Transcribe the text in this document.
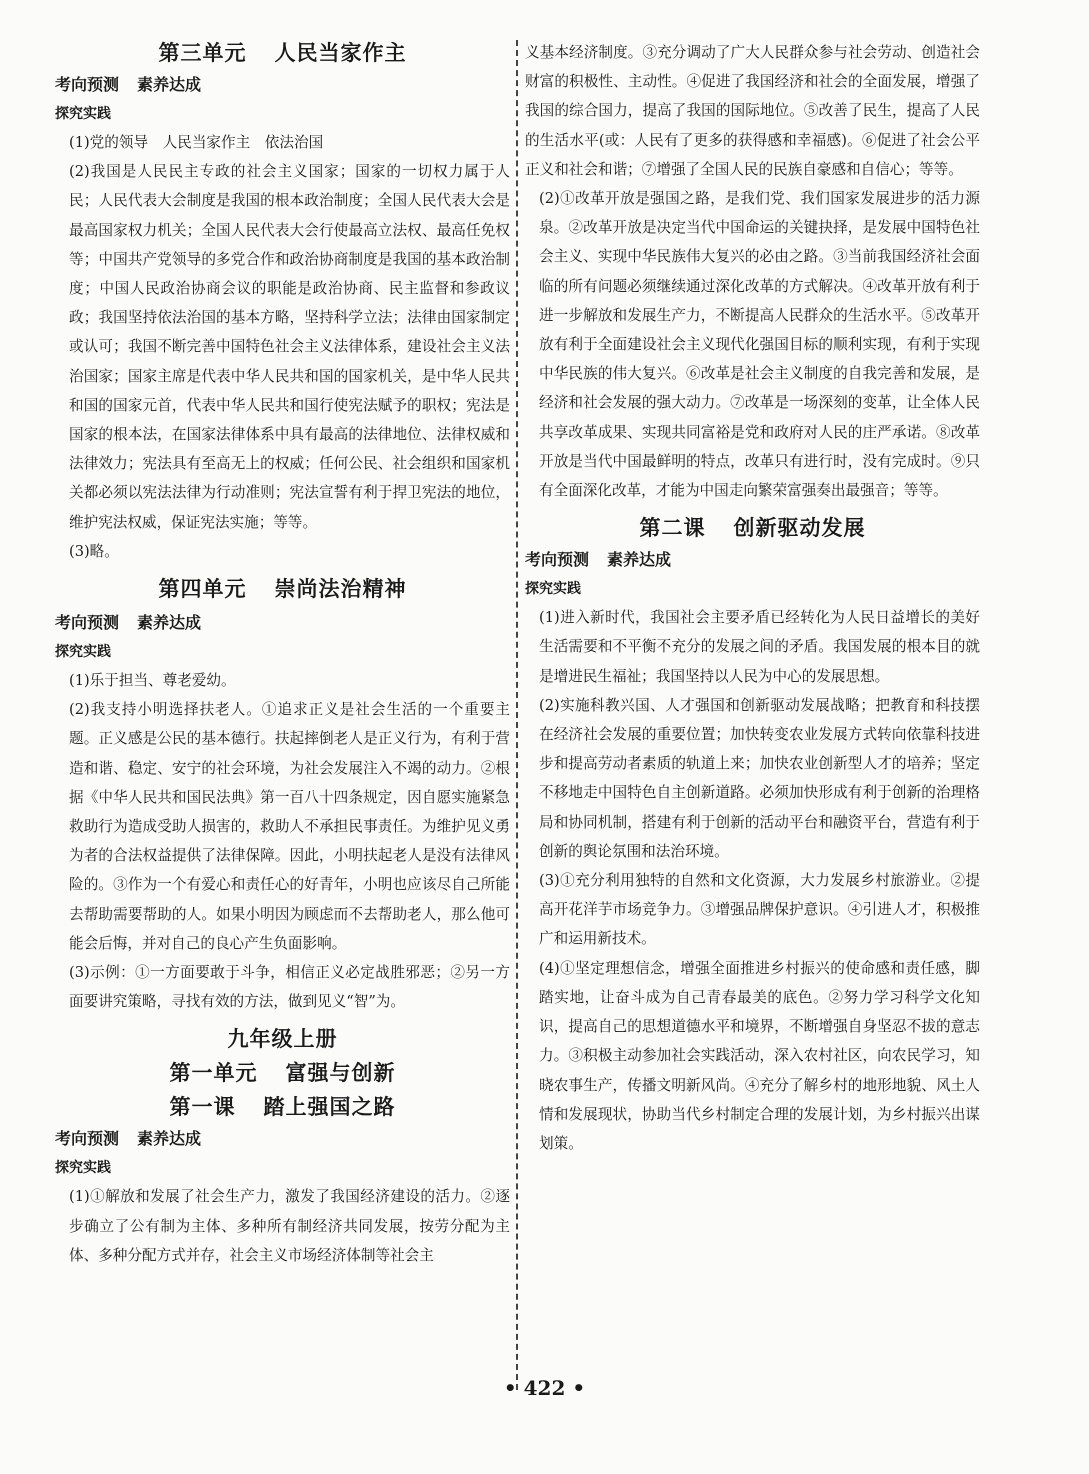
第三单元 人民当家作主
考向预测 素养达成
探究实践

(1)党的领导　人民当家作主　依法治国

(2)我国是人民民主专政的社会主义国家；国家的一切权力属于人民；人民代表大会制度是我国的根本政治制度；全国人民代表大会是最高国家权力机关；全国人民代表大会行使最高立法权、最高任免权等；中国共产党领导的多党合作和政治协商制度是我国的基本政治制度；中国人民政治协商会议的职能是政治协商、民主监督和参政议政；我国坚持依法治国的基本方略，坚持科学立法；法律由国家制定或认可；我国不断完善中国特色社会主义法律体系，建设社会主义法治国家；国家主席是代表中华人民共和国的国家机关，是中华人民共和国的国家元首，代表中华人民共和国行使宪法赋予的职权；宪法是国家的根本法，在国家法律体系中具有最高的法律地位、法律权威和法律效力；宪法具有至高无上的权威；任何公民、社会组织和国家机关都必须以宪法法律为行动准则；宪法宣誓有利于捍卫宪法的地位，维护宪法权威，保证宪法实施；等等。

(3)略。

第四单元 崇尚法治精神
考向预测 素养达成
探究实践

(1)乐于担当、尊老爱幼。

(2)我支持小明选择扶老人。①追求正义是社会生活的一个重要主题。正义感是公民的基本德行。扶起摔倒老人是正义行为，有利于营造和谐、稳定、安宁的社会环境，为社会发展注入不竭的动力。②根据《中华人民共和国民法典》第一百八十四条规定，因自愿实施紧急救助行为造成受助人损害的，救助人不承担民事责任。为维护见义勇为者的合法权益提供了法律保障。因此，小明扶起老人是没有法律风险的。③作为一个有爱心和责任心的好青年，小明也应该尽自己所能去帮助需要帮助的人。如果小明因为顾虑而不去帮助老人，那么他可能会后悔，并对自己的良心产生负面影响。

(3)示例：①一方面要敢于斗争，相信正义必定战胜邪恶；②另一方面要讲究策略，寻找有效的方法，做到见义“智”为。

九年级上册
第一单元 富强与创新
第一课 踏上强国之路
考向预测 素养达成
探究实践

(1)①解放和发展了社会生产力，激发了我国经济建设的活力。②逐步确立了公有制为主体、多种所有制经济共同发展，按劳分配为主体、多种分配方式并存，社会主义市场经济体制等社会主

义基本经济制度。③充分调动了广大人民群众参与社会劳动、创造社会财富的积极性、主动性。④促进了我国经济和社会的全面发展，增强了我国的综合国力，提高了我国的国际地位。⑤改善了民生，提高了人民的生活水平(或：人民有了更多的获得感和幸福感)。⑥促进了社会公平正义和社会和谐；⑦增强了全国人民的民族自豪感和自信心；等等。

(2)①改革开放是强国之路，是我们党、我们国家发展进步的活力源泉。②改革开放是决定当代中国命运的关键抉择，是发展中国特色社会主义、实现中华民族伟大复兴的必由之路。③当前我国经济社会面临的所有问题必须继续通过深化改革的方式解决。④改革开放有利于进一步解放和发展生产力，不断提高人民群众的生活水平。⑤改革开放有利于全面建设社会主义现代化强国目标的顺利实现，有利于实现中华民族的伟大复兴。⑥改革是社会主义制度的自我完善和发展，是经济和社会发展的强大动力。⑦改革是一场深刻的变革，让全体人民共享改革成果、实现共同富裕是党和政府对人民的庄严承诺。⑧改革开放是当代中国最鲜明的特点，改革只有进行时，没有完成时。⑨只有全面深化改革，才能为中国走向繁荣富强奏出最强音；等等。

第二课 创新驱动发展
考向预测 素养达成
探究实践

(1)进入新时代，我国社会主要矛盾已经转化为人民日益增长的美好生活需要和不平衡不充分的发展之间的矛盾。我国发展的根本目的就是增进民生福祉；我国坚持以人民为中心的发展思想。

(2)实施科教兴国、人才强国和创新驱动发展战略；把教育和科技摆在经济社会发展的重要位置；加快转变农业发展方式转向依靠科技进步和提高劳动者素质的轨道上来；加快农业创新型人才的培养；坚定不移地走中国特色自主创新道路。必须加快形成有利于创新的治理格局和协同机制，搭建有利于创新的活动平台和融资平台，营造有利于创新的舆论氛围和法治环境。

(3)①充分利用独特的自然和文化资源，大力发展乡村旅游业。②提高开花洋芋市场竞争力。③增强品牌保护意识。④引进人才，积极推广和运用新技术。

(4)①坚定理想信念，增强全面推进乡村振兴的使命感和责任感，脚踏实地，让奋斗成为自己青春最美的底色。②努力学习科学文化知识，提高自己的思想道德水平和境界，不断增强自身坚忍不拔的意志力。③积极主动参加社会实践活动，深入农村社区，向农民学习，知晓农事生产，传播文明新风尚。④充分了解乡村的地形地貌、风土人情和发展现状，协助当代乡村制定合理的发展计划，为乡村振兴出谋划策。

• 422 •
